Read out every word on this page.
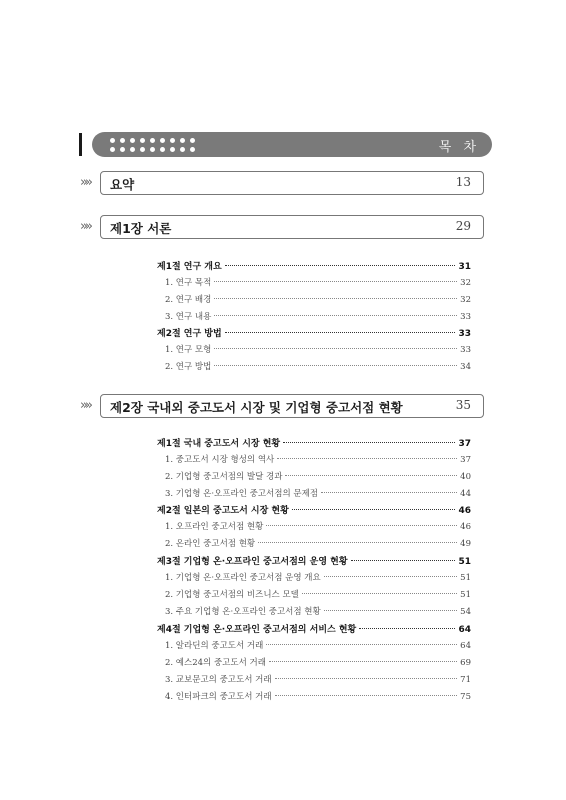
목 차
»» 요약	13
»» 제1장 서론	29
제1절 연구 개요	31
1. 연구 목적	32
2. 연구 배경	32
3. 연구 내용	33
제2절 연구 방법	33
1. 연구 모형	33
2. 연구 방법	34
»» 제2장 국내외 중고도서 시장 및 기업형 중고서점 현황	35
제1절 국내 중고도서 시장 현황	37
1. 중고도서 시장 형성의 역사	37
2. 기업형 중고서점의 발달 경과	40
3. 기업형 온·오프라인 중고서점의 문제점	44
제2절 일본의 중고도서 시장 현황	46
1. 오프라인 중고서점 현황	46
2. 온라인 중고서점 현황	49
제3절 기업형 온·오프라인 중고서점의 운영 현황	51
1. 기업형 온·오프라인 중고서점 운영 개요	51
2. 기업형 중고서점의 비즈니스 모델	51
3. 주요 기업형 온·오프라인 중고서점 현황	54
제4절 기업형 온·오프라인 중고서점의 서비스 현황	64
1. 알라딘의 중고도서 거래	64
2. 예스24의 중고도서 거래	69
3. 교보문고의 중고도서 거래	71
4. 인터파크의 중고도서 거래	75
